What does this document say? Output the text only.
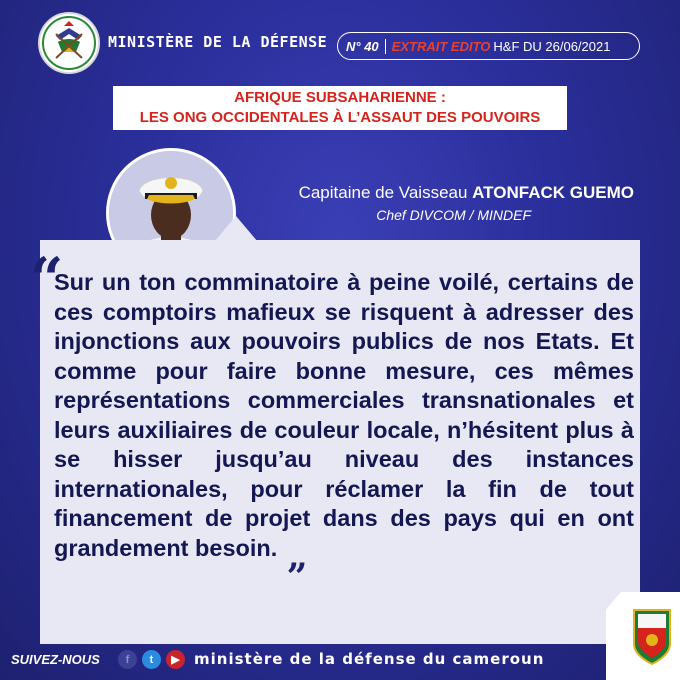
MINISTÈRE DE LA DÉFENSE N° 40	EXTRAIT EDITO H&F DU 26/06/2021
AFRIQUE SUBSAHARIENNE :
LES ONG OCCIDENTALES À L’ASSAUT DES POUVOIRS
Capitaine de Vaisseau ATONFACK GUEMO
Chef DIVCOM / MINDEF
“
Sur un ton comminatoire à peine voilé, certains de ces comptoirs mafieux se risquent à adresser des injonctions aux pouvoirs publics de nos Etats. Et comme pour faire bonne mesure, ces mêmes représentations commerciales transnationales et leurs auxiliaires de couleur locale, n’hésitent plus à se hisser jusqu’au niveau des instances internationales, pour réclamer la fin de tout financement de projet dans des pays qui en ont grandement besoin. „
SUIVEZ-NOUS	f	t	▶ ministère de la défense du cameroun
